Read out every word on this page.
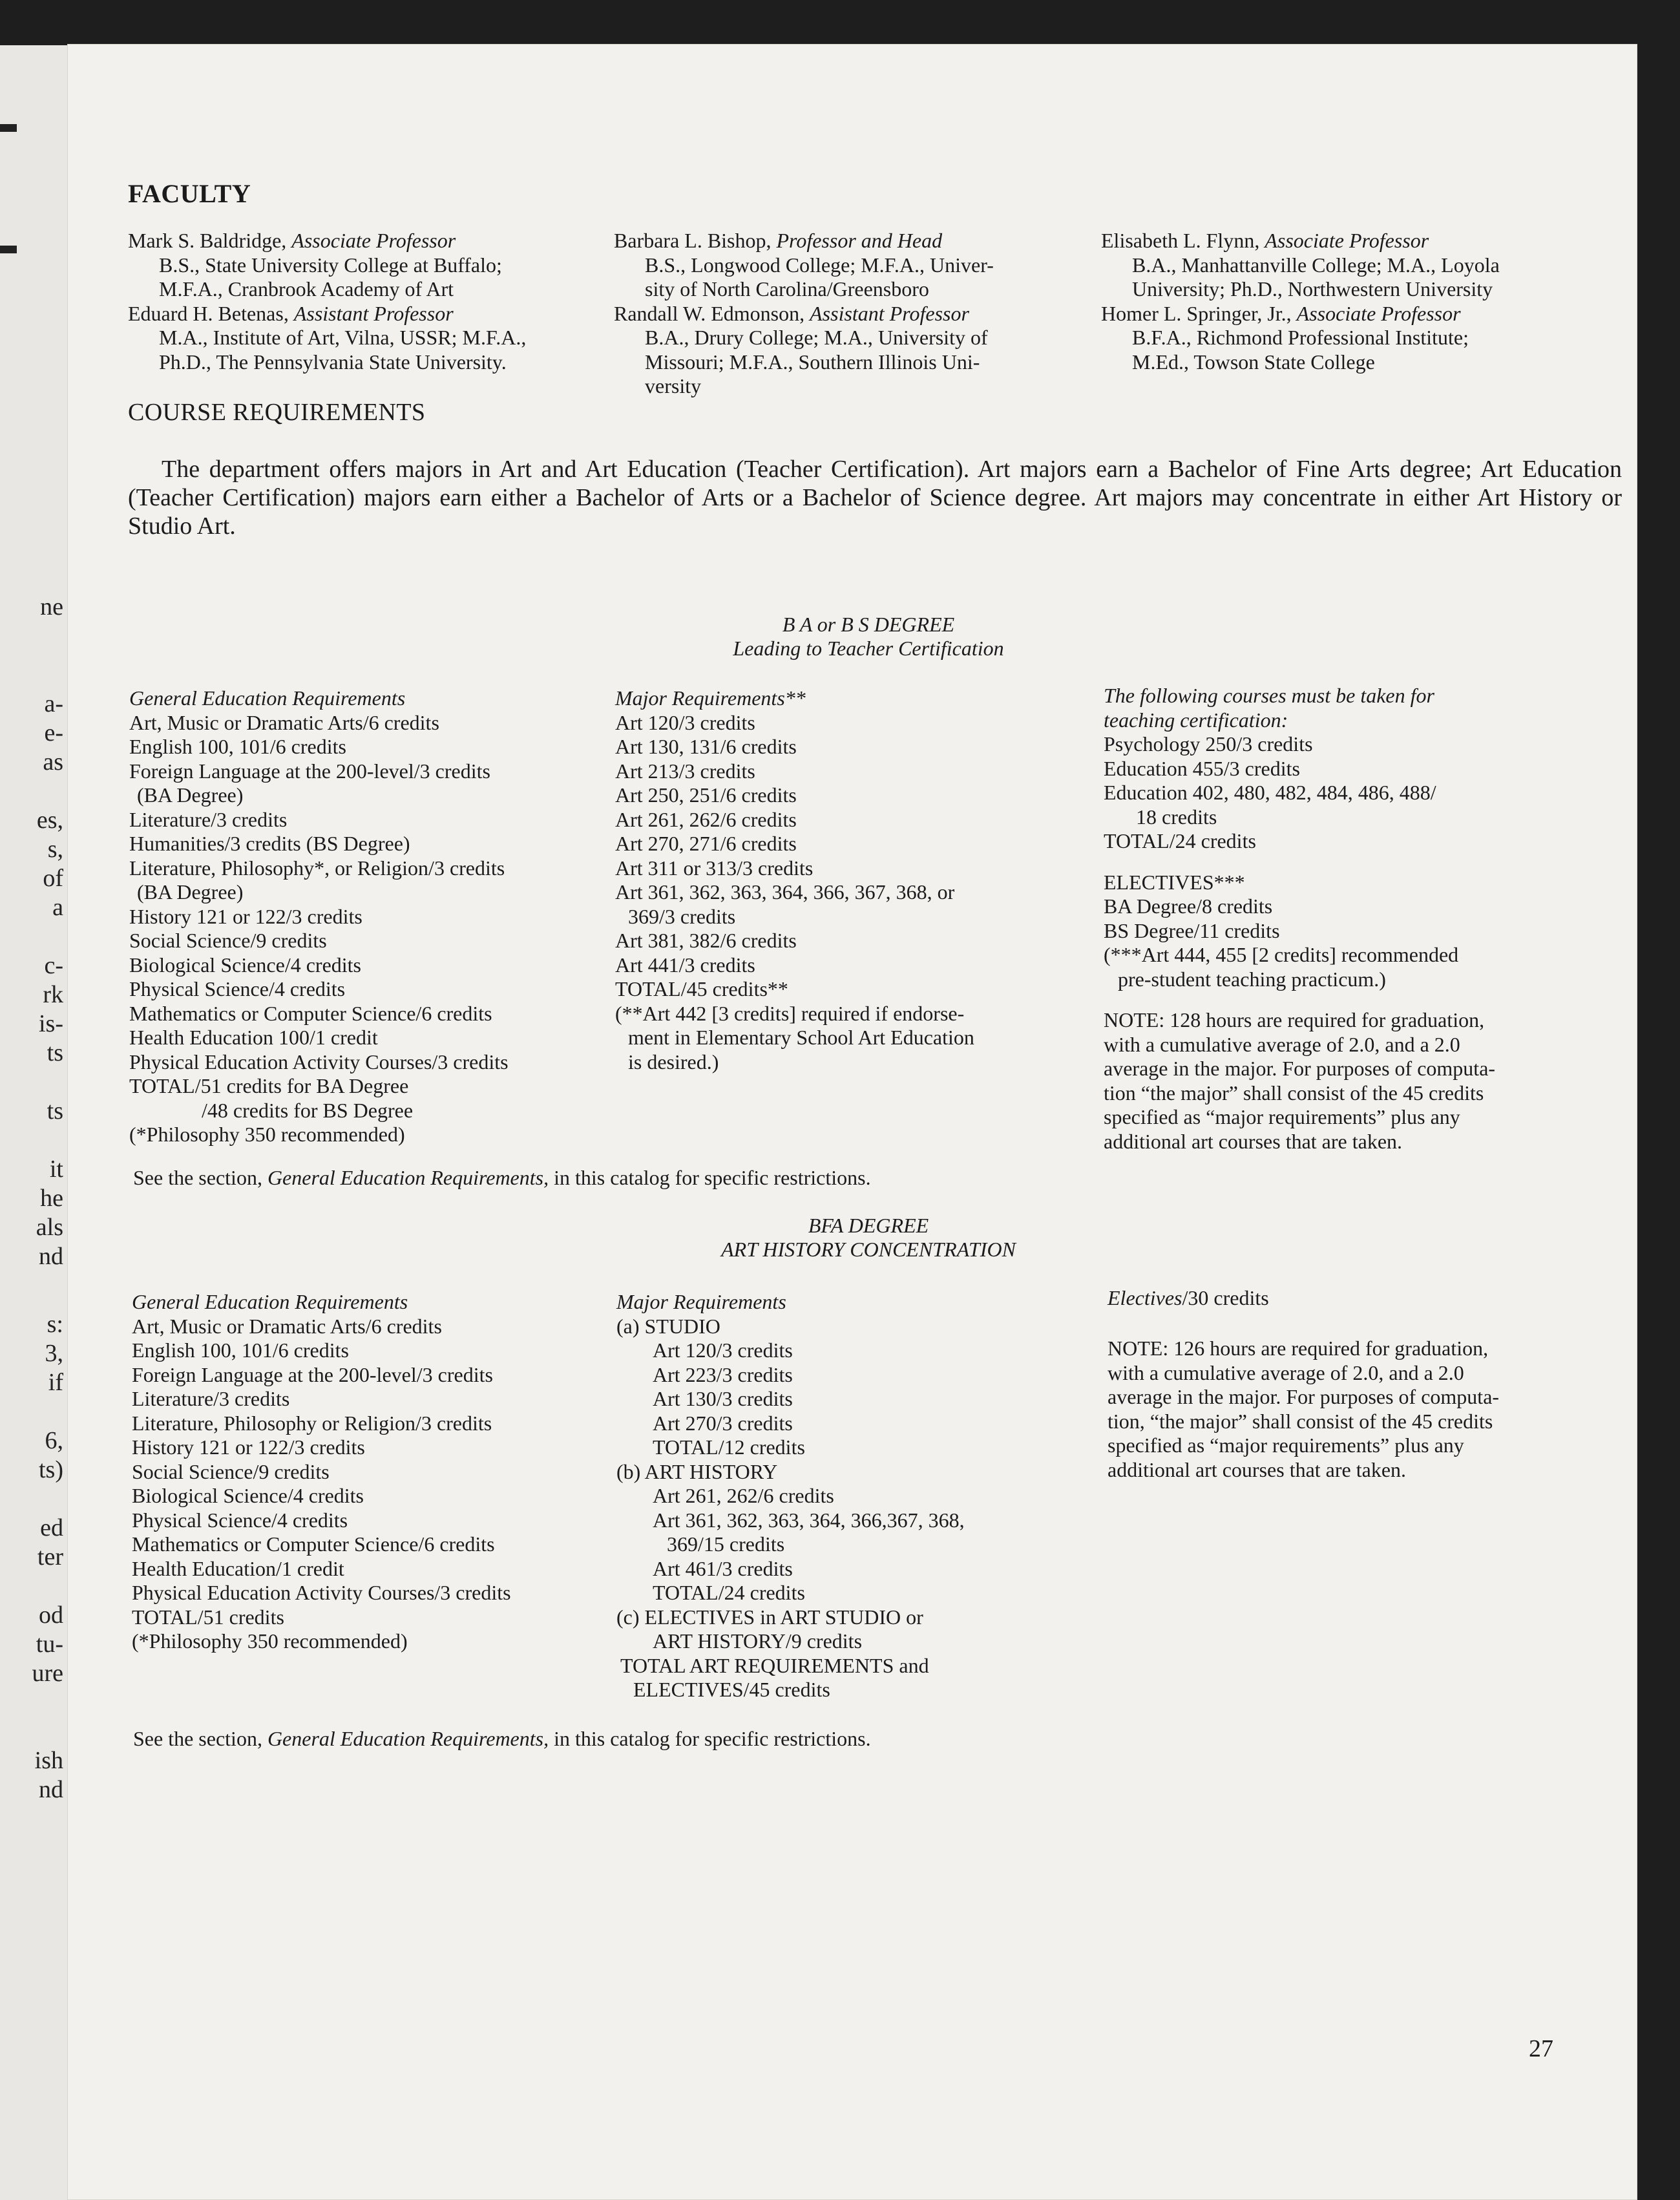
ne
a-
e-
as
es,
s,
of
a
c-
rk
is-
ts
ts
it
he
als
nd
s:
3,
if
6,
ts)
ed
ter
od
tu-
ure
ish
nd
FACULTY
Mark S. Baldridge, Associate Professor
B.S., State University College at Buffalo;
M.F.A., Cranbrook Academy of Art
Eduard H. Betenas, Assistant Professor
M.A., Institute of Art, Vilna, USSR; M.F.A.,
Ph.D., The Pennsylvania State University.
Barbara L. Bishop, Professor and Head
B.S., Longwood College; M.F.A., Univer-
sity of North Carolina/Greensboro
Randall W. Edmonson, Assistant Professor
B.A., Drury College; M.A., University of
Missouri; M.F.A., Southern Illinois Uni-
versity
Elisabeth L. Flynn, Associate Professor
B.A., Manhattanville College; M.A., Loyola
University; Ph.D., Northwestern University
Homer L. Springer, Jr., Associate Professor
B.F.A., Richmond Professional Institute;
M.Ed., Towson State College
COURSE REQUIREMENTS
The department offers majors in Art and Art Education (Teacher Certification). Art majors earn a Bachelor of Fine Arts degree; Art Education (Teacher Certification) majors earn either a Bachelor of Arts or a Bachelor of Science degree. Art majors may concentrate in either Art History or Studio Art.
B A or B S DEGREE
Leading to Teacher Certification
General Education Requirements
Art, Music or Dramatic Arts/6 credits
English 100, 101/6 credits
Foreign Language at the 200-level/3 credits
(BA Degree)
Literature/3 credits
Humanities/3 credits (BS Degree)
Literature, Philosophy*, or Religion/3 credits
(BA Degree)
History 121 or 122/3 credits
Social Science/9 credits
Biological Science/4 credits
Physical Science/4 credits
Mathematics or Computer Science/6 credits
Health Education 100/1 credit
Physical Education Activity Courses/3 credits
TOTAL/51 credits for BA Degree
/48 credits for BS Degree
(*Philosophy 350 recommended)
Major Requirements**
Art 120/3 credits
Art 130, 131/6 credits
Art 213/3 credits
Art 250, 251/6 credits
Art 261, 262/6 credits
Art 270, 271/6 credits
Art 311 or 313/3 credits
Art 361, 362, 363, 364, 366, 367, 368, or
369/3 credits
Art 381, 382/6 credits
Art 441/3 credits
TOTAL/45 credits**
(**Art 442 [3 credits] required if endorse-
ment in Elementary School Art Education
is desired.)
The following courses must be taken for
teaching certification:
Psychology 250/3 credits
Education 455/3 credits
Education 402, 480, 482, 484, 486, 488/
18 credits
TOTAL/24 credits
ELECTIVES***
BA Degree/8 credits
BS Degree/11 credits
(***Art 444, 455 [2 credits] recommended
pre-student teaching practicum.)
NOTE: 128 hours are required for graduation,
with a cumulative average of 2.0, and a 2.0
average in the major. For purposes of computa-
tion “the major” shall consist of the 45 credits
specified as “major requirements” plus any
additional art courses that are taken.
See the section, General Education Requirements, in this catalog for specific restrictions.
BFA DEGREE
ART HISTORY CONCENTRATION
General Education Requirements
Art, Music or Dramatic Arts/6 credits
English 100, 101/6 credits
Foreign Language at the 200-level/3 credits
Literature/3 credits
Literature, Philosophy or Religion/3 credits
History 121 or 122/3 credits
Social Science/9 credits
Biological Science/4 credits
Physical Science/4 credits
Mathematics or Computer Science/6 credits
Health Education/1 credit
Physical Education Activity Courses/3 credits
TOTAL/51 credits
(*Philosophy 350 recommended)
Major Requirements
(a) STUDIO
Art 120/3 credits
Art 223/3 credits
Art 130/3 credits
Art 270/3 credits
TOTAL/12 credits
(b) ART HISTORY
Art 261, 262/6 credits
Art 361, 362, 363, 364, 366,367, 368,
369/15 credits
Art 461/3 credits
TOTAL/24 credits
(c) ELECTIVES in ART STUDIO or
ART HISTORY/9 credits
TOTAL ART REQUIREMENTS and
ELECTIVES/45 credits
Electives/30 credits
NOTE: 126 hours are required for graduation,
with a cumulative average of 2.0, and a 2.0
average in the major. For purposes of computa-
tion, “the major” shall consist of the 45 credits
specified as “major requirements” plus any
additional art courses that are taken.
See the section, General Education Requirements, in this catalog for specific restrictions.
27
